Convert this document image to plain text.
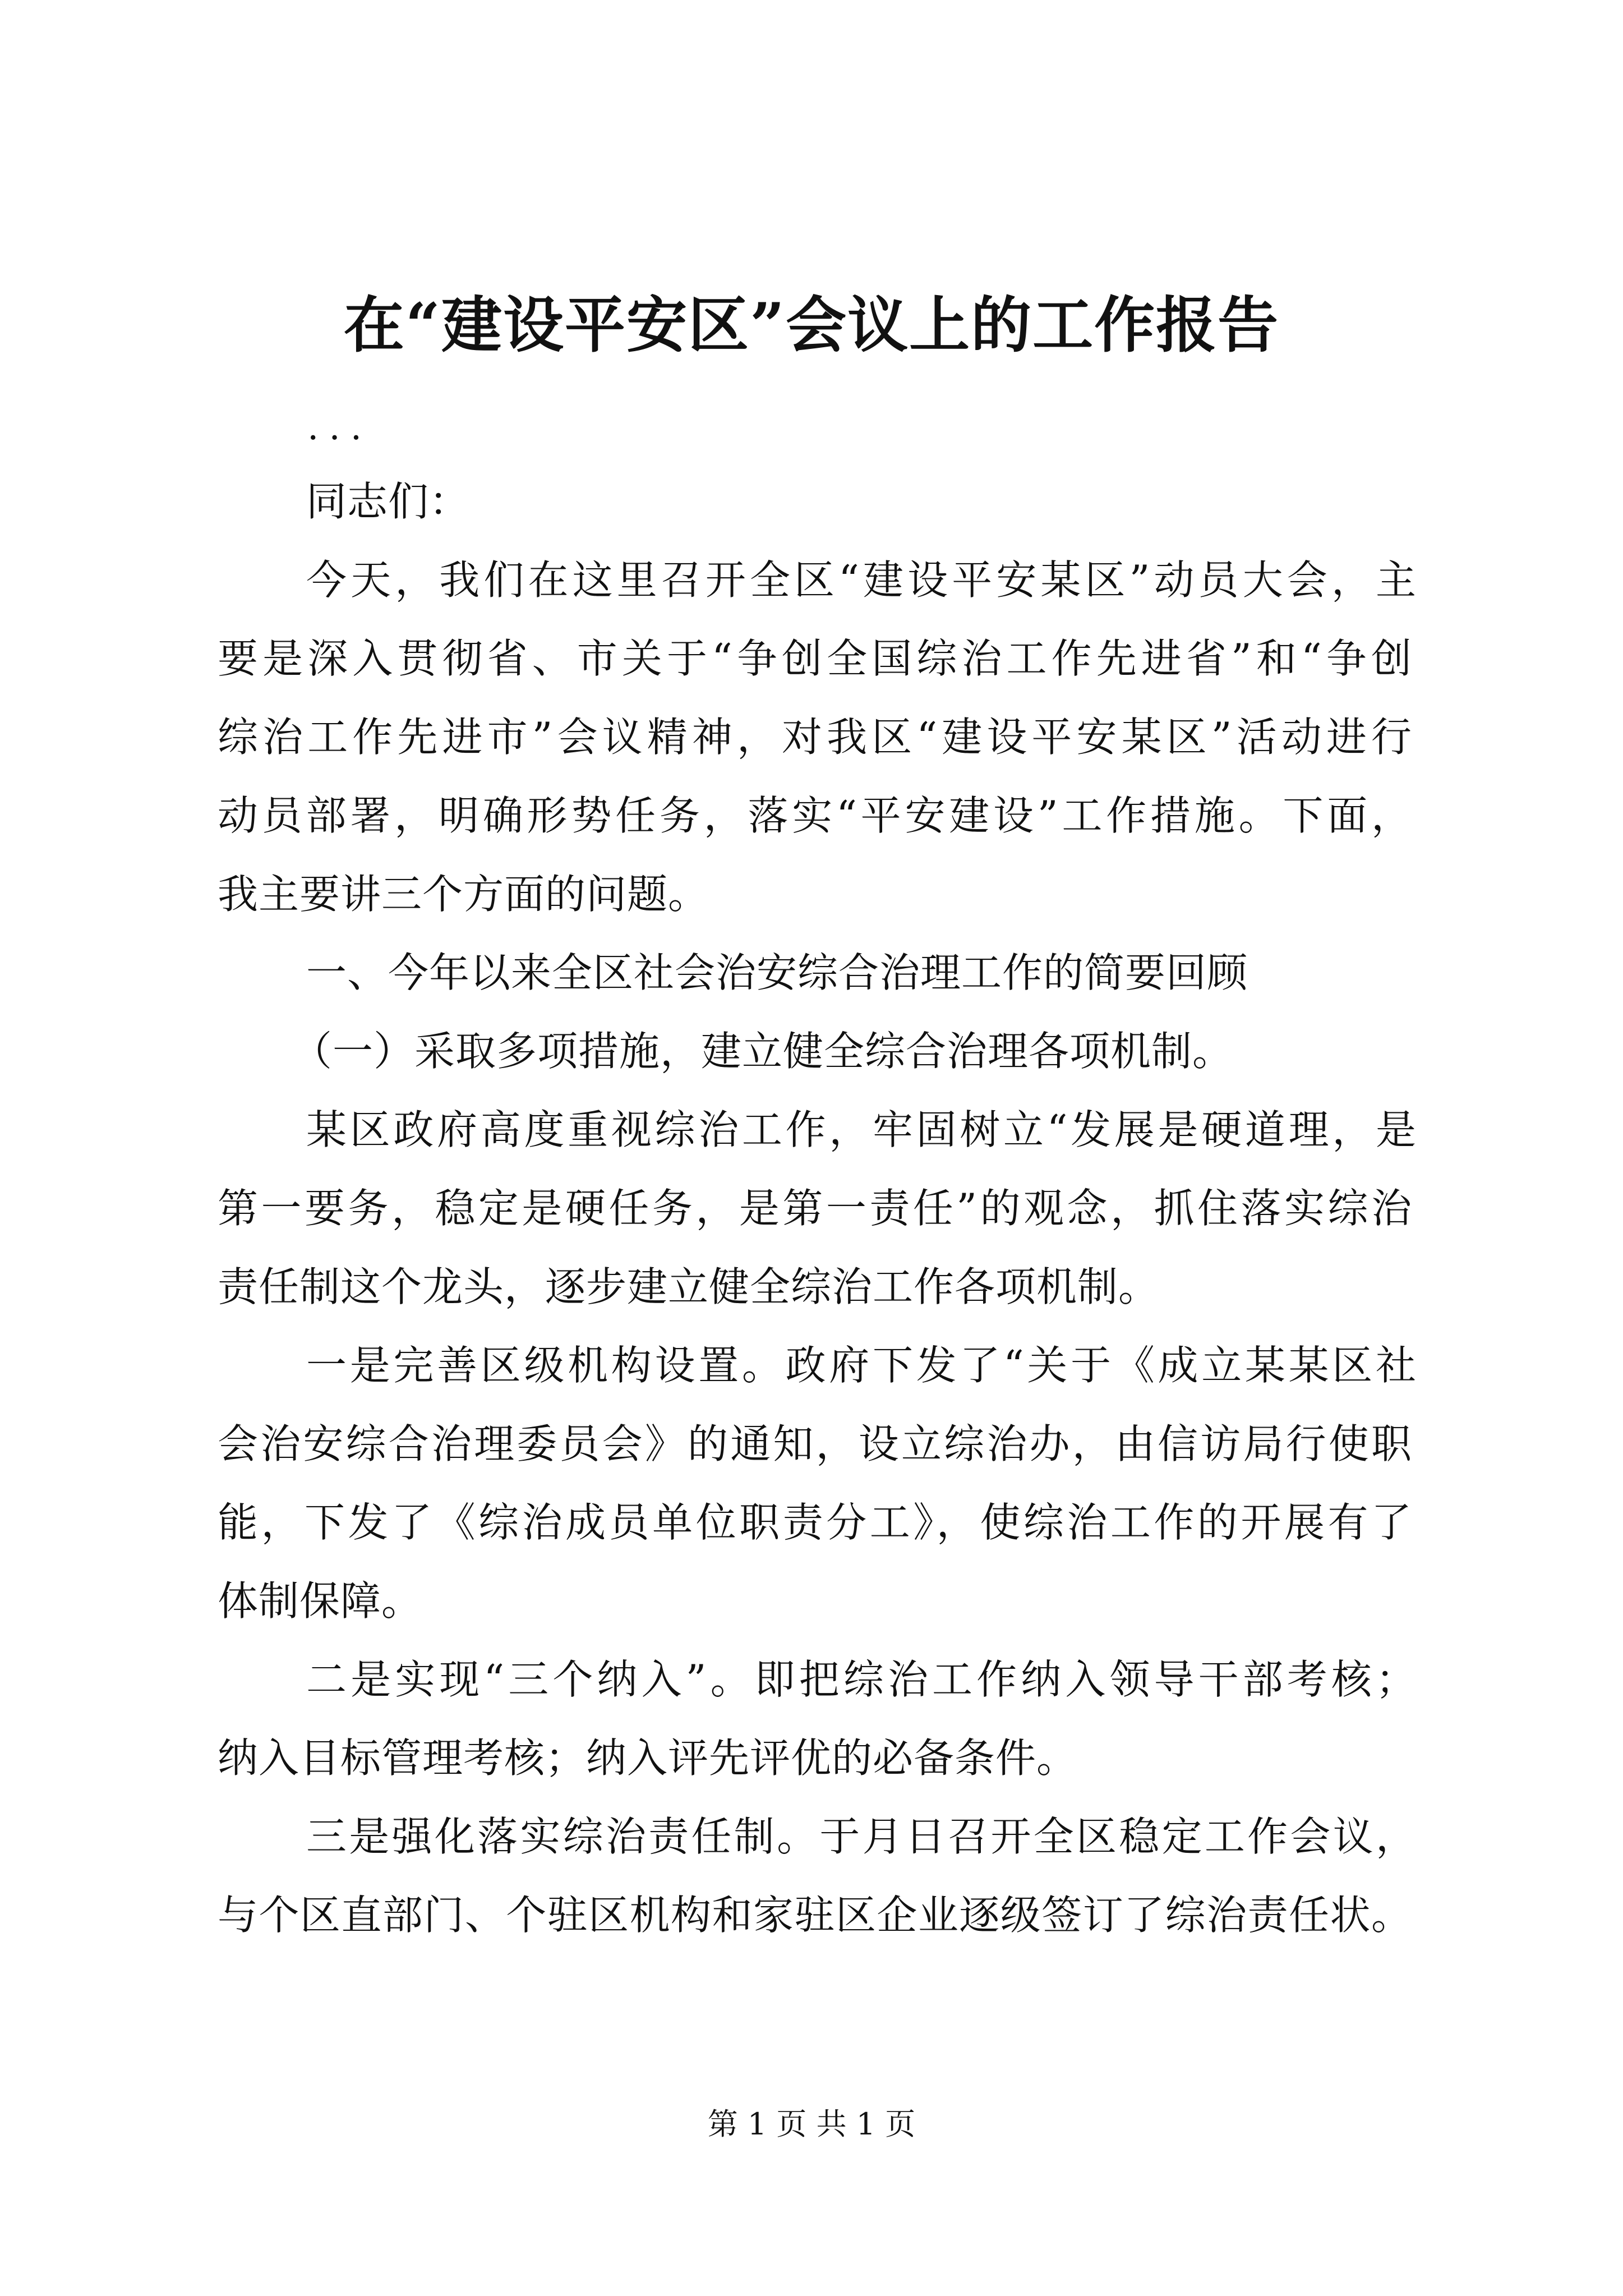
在“建设平安区”会议上的工作报告
...
同志们：
今天，我们在这里召开全区“建设平安某区”动员大会，主
要是深入贯彻省、市关于“争创全国综治工作先进省”和“争创
综治工作先进市”会议精神，对我区“建设平安某区”活动进行
动员部署，明确形势任务，落实“平安建设”工作措施。下面，
我主要讲三个方面的问题。
一、今年以来全区社会治安综合治理工作的简要回顾
（一）采取多项措施，建立健全综合治理各项机制。
某区政府高度重视综治工作，牢固树立“发展是硬道理，是
第一要务，稳定是硬任务，是第一责任”的观念，抓住落实综治
责任制这个龙头，逐步建立健全综治工作各项机制。
一是完善区级机构设置。政府下发了“关于《成立某某区社
会治安综合治理委员会》的通知，设立综治办，由信访局行使职
能，下发了《综治成员单位职责分工》，使综治工作的开展有了
体制保障。
二是实现“三个纳入”。即把综治工作纳入领导干部考核；
纳入目标管理考核；纳入评先评优的必备条件。
三是强化落实综治责任制。于月日召开全区稳定工作会议，
与个区直部门、个驻区机构和家驻区企业逐级签订了综治责任状。
第 1 页 共 1 页
